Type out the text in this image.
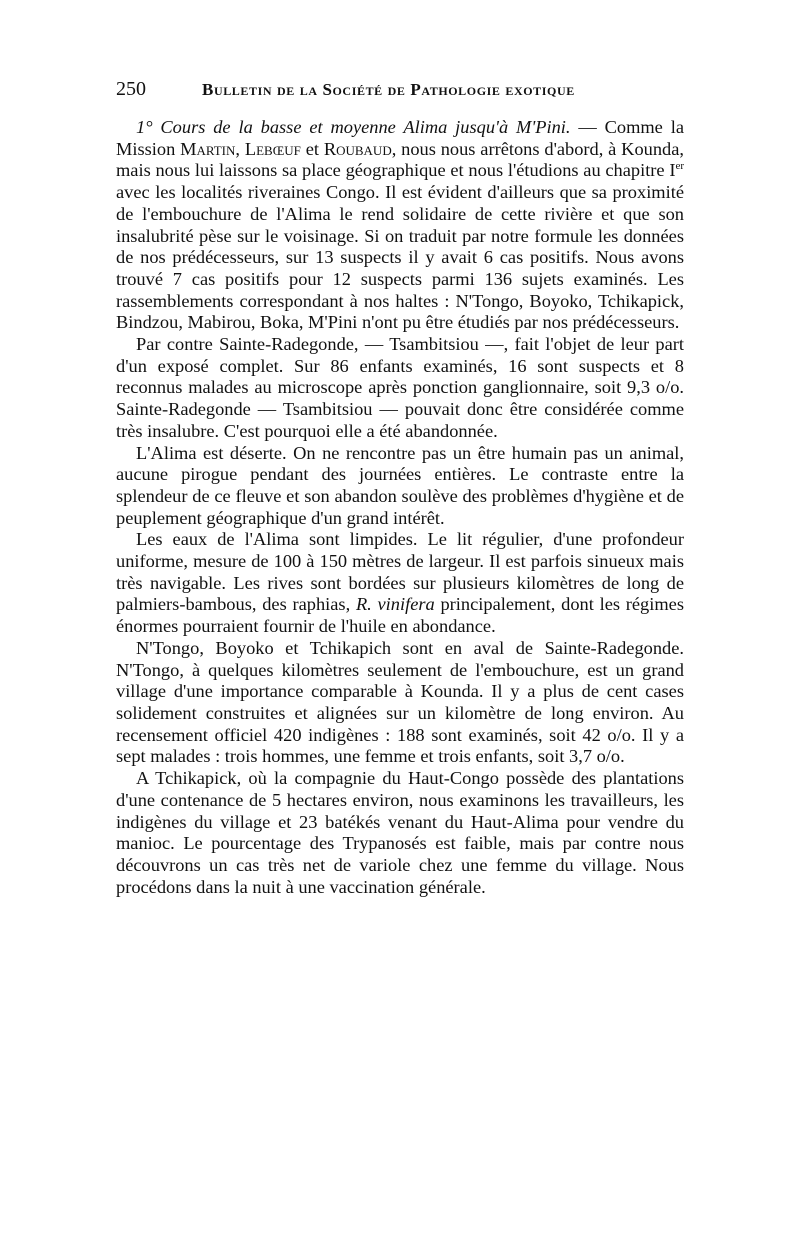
250	Bulletin de la Société de Pathologie exotique

1° Cours de la basse et moyenne Alima jusqu'à M'Pini. — Comme la Mission Martin, Lebœuf et Roubaud, nous nous arrêtons d'abord, à Kounda, mais nous lui laissons sa place géographique et nous l'étudions au chapitre Ier avec les localités riveraines Congo. Il est évident d'ailleurs que sa proximité de l'embouchure de l'Alima le rend solidaire de cette rivière et que son insalubrité pèse sur le voisinage. Si on traduit par notre formule les données de nos prédécesseurs, sur 13 suspects il y avait 6 cas positifs. Nous avons trouvé 7 cas positifs pour 12 suspects parmi 136 sujets examinés. Les rassemblements correspondant à nos haltes : N'Tongo, Boyoko, Tchikapick, Bindzou, Mabirou, Boka, M'Pini n'ont pu être étudiés par nos prédécesseurs.

Par contre Sainte-Radegonde, — Tsambitsiou —, fait l'objet de leur part d'un exposé complet. Sur 86 enfants examinés, 16 sont suspects et 8 reconnus malades au microscope après ponction ganglionnaire, soit 9,3 o/o. Sainte-Radegonde — Tsambitsiou — pouvait donc être considérée comme très insalubre. C'est pourquoi elle a été abandonnée.

L'Alima est déserte. On ne rencontre pas un être humain pas un animal, aucune pirogue pendant des journées entières. Le contraste entre la splendeur de ce fleuve et son abandon soulève des problèmes d'hygiène et de peuplement géographique d'un grand intérêt.

Les eaux de l'Alima sont limpides. Le lit régulier, d'une profondeur uniforme, mesure de 100 à 150 mètres de largeur. Il est parfois sinueux mais très navigable. Les rives sont bordées sur plusieurs kilomètres de long de palmiers-bambous, des raphias, R. vinifera principalement, dont les régimes énormes pourraient fournir de l'huile en abondance.

N'Tongo, Boyoko et Tchikapich sont en aval de Sainte-Radegonde. N'Tongo, à quelques kilomètres seulement de l'embouchure, est un grand village d'une importance comparable à Kounda. Il y a plus de cent cases solidement construites et alignées sur un kilomètre de long environ. Au recensement officiel 420 indigènes : 188 sont examinés, soit 42 o/o. Il y a sept malades : trois hommes, une femme et trois enfants, soit 3,7 o/o.

A Tchikapick, où la compagnie du Haut-Congo possède des plantations d'une contenance de 5 hectares environ, nous examinons les travailleurs, les indigènes du village et 23 batékés venant du Haut-Alima pour vendre du manioc. Le pourcentage des Trypanosés est faible, mais par contre nous découvrons un cas très net de variole chez une femme du village. Nous procédons dans la nuit à une vaccination générale.
